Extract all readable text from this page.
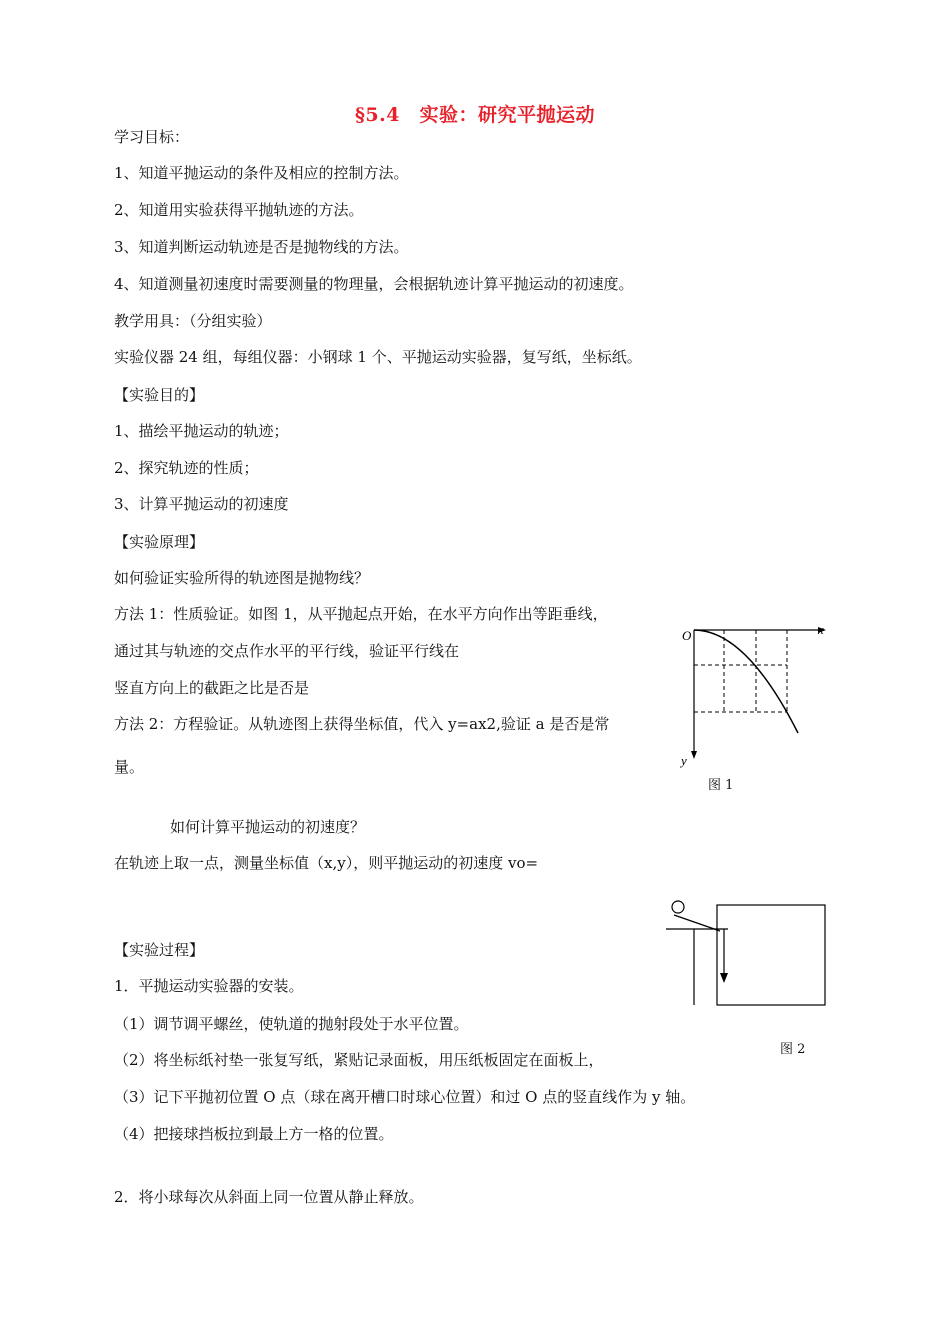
§5.4　实验：研究平抛运动
学习目标：
1、知道平抛运动的条件及相应的控制方法。
2、知道用实验获得平抛轨迹的方法。
3、知道判断运动轨迹是否是抛物线的方法。
4、知道测量初速度时需要测量的物理量，会根据轨迹计算平抛运动的初速度。
教学用具：（分组实验）
实验仪器 24 组，每组仪器：小钢球 1 个、平抛运动实验器，复写纸，坐标纸。
【实验目的】
1、描绘平抛运动的轨迹；
2、探究轨迹的性质；
3、计算平抛运动的初速度
【实验原理】
如何验证实验所得的轨迹图是抛物线？
方法 1：性质验证。如图 1，从平抛起点开始，在水平方向作出等距垂线，
通过其与轨迹的交点作水平的平行线，验证平行线在
竖直方向上的截距之比是否是
方法 2：方程验证。从轨迹图上获得坐标值，代入 y=ax2,验证 a 是否是常
量。
如何计算平抛运动的初速度？
在轨迹上取一点，测量坐标值（x,y），则平抛运动的初速度 vo=
【实验过程】
1．平抛运动实验器的安装。
（1）调节调平螺丝，使轨道的抛射段处于水平位置。
（2）将坐标纸衬垫一张复写纸，紧贴记录面板，用压纸板固定在面板上，
（3）记下平抛初位置 O 点（球在离开槽口时球心位置）和过 O 点的竖直线作为 y 轴。
（4）把接球挡板拉到最上方一格的位置。
2．将小球每次从斜面上同一位置从静止释放。
O
y
图 1
图 2
